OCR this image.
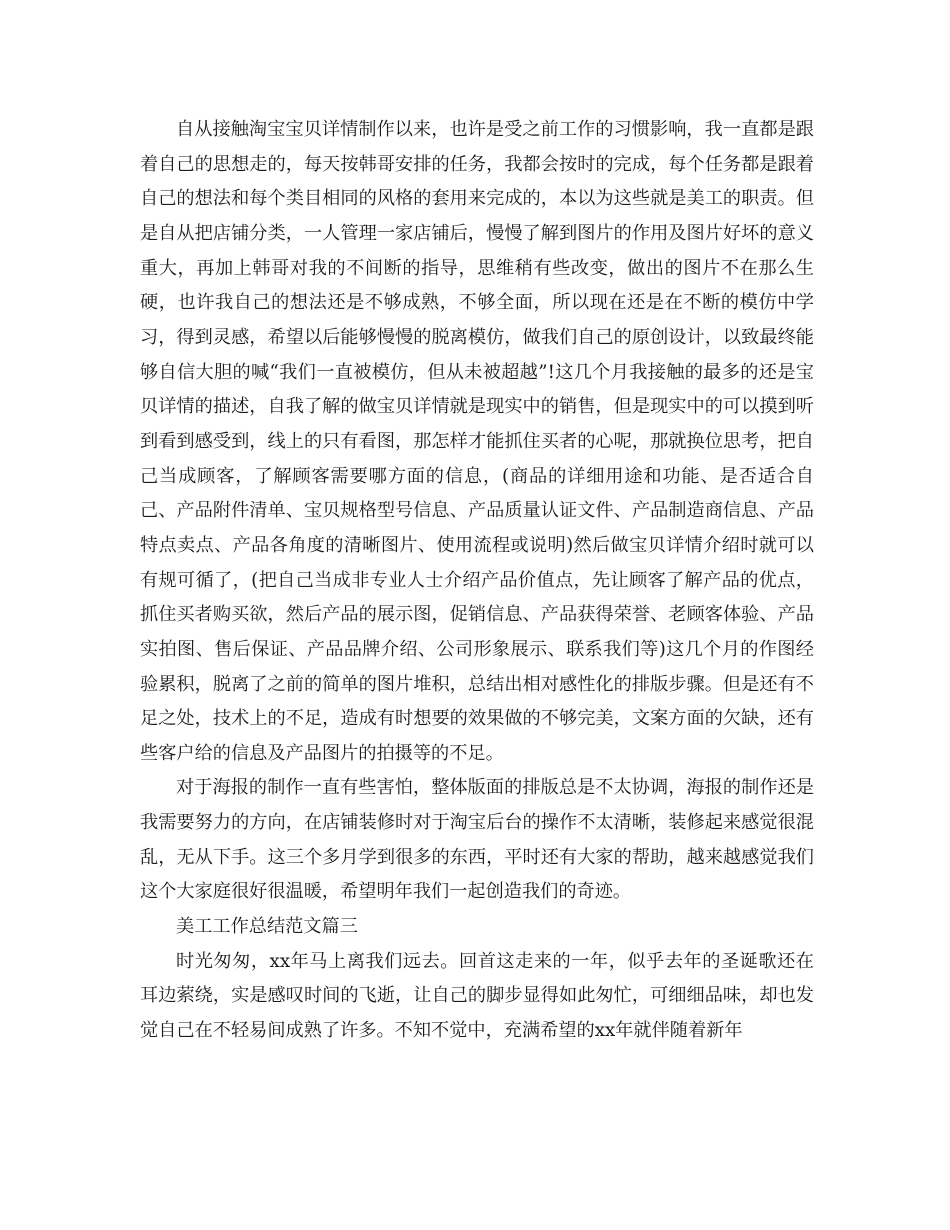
自从接触淘宝宝贝详情制作以来，也许是受之前工作的习惯影响，我一直都是跟着自己的思想走的，每天按韩哥安排的任务，我都会按时的完成，每个任务都是跟着自己的想法和每个类目相同的风格的套用来完成的，本以为这些就是美工的职责。但是自从把店铺分类，一人管理一家店铺后，慢慢了解到图片的作用及图片好坏的意义重大，再加上韩哥对我的不间断的指导，思维稍有些改变，做出的图片不在那么生硬，也许我自己的想法还是不够成熟，不够全面，所以现在还是在不断的模仿中学习，得到灵感，希望以后能够慢慢的脱离模仿，做我们自己的原创设计，以致最终能够自信大胆的喊“我们一直被模仿，但从未被超越”!这几个月我接触的最多的还是宝贝详情的描述，自我了解的做宝贝详情就是现实中的销售，但是现实中的可以摸到听到看到感受到，线上的只有看图，那怎样才能抓住买者的心呢，那就换位思考，把自己当成顾客，了解顾客需要哪方面的信息，(商品的详细用途和功能、是否适合自己、产品附件清单、宝贝规格型号信息、产品质量认证文件、产品制造商信息、产品特点卖点、产品各角度的清晰图片、使用流程或说明)然后做宝贝详情介绍时就可以有规可循了，(把自己当成非专业人士介绍产品价值点，先让顾客了解产品的优点，抓住买者购买欲，然后产品的展示图，促销信息、产品获得荣誉、老顾客体验、产品实拍图、售后保证、产品品牌介绍、公司形象展示、联系我们等)这几个月的作图经验累积，脱离了之前的简单的图片堆积，总结出相对感性化的排版步骤。但是还有不足之处，技术上的不足，造成有时想要的效果做的不够完美，文案方面的欠缺，还有些客户给的信息及产品图片的拍摄等的不足。

对于海报的制作一直有些害怕，整体版面的排版总是不太协调，海报的制作还是我需要努力的方向，在店铺装修时对于淘宝后台的操作不太清晰，装修起来感觉很混乱，无从下手。这三个多月学到很多的东西，平时还有大家的帮助，越来越感觉我们这个大家庭很好很温暖，希望明年我们一起创造我们的奇迹。

美工工作总结范文篇三

时光匆匆，xx年马上离我们远去。回首这走来的一年，似乎去年的圣诞歌还在耳边萦绕，实是感叹时间的飞逝，让自己的脚步显得如此匆忙，可细细品味，却也发觉自己在不轻易间成熟了许多。不知不觉中，充满希望的xx年就伴随着新年
